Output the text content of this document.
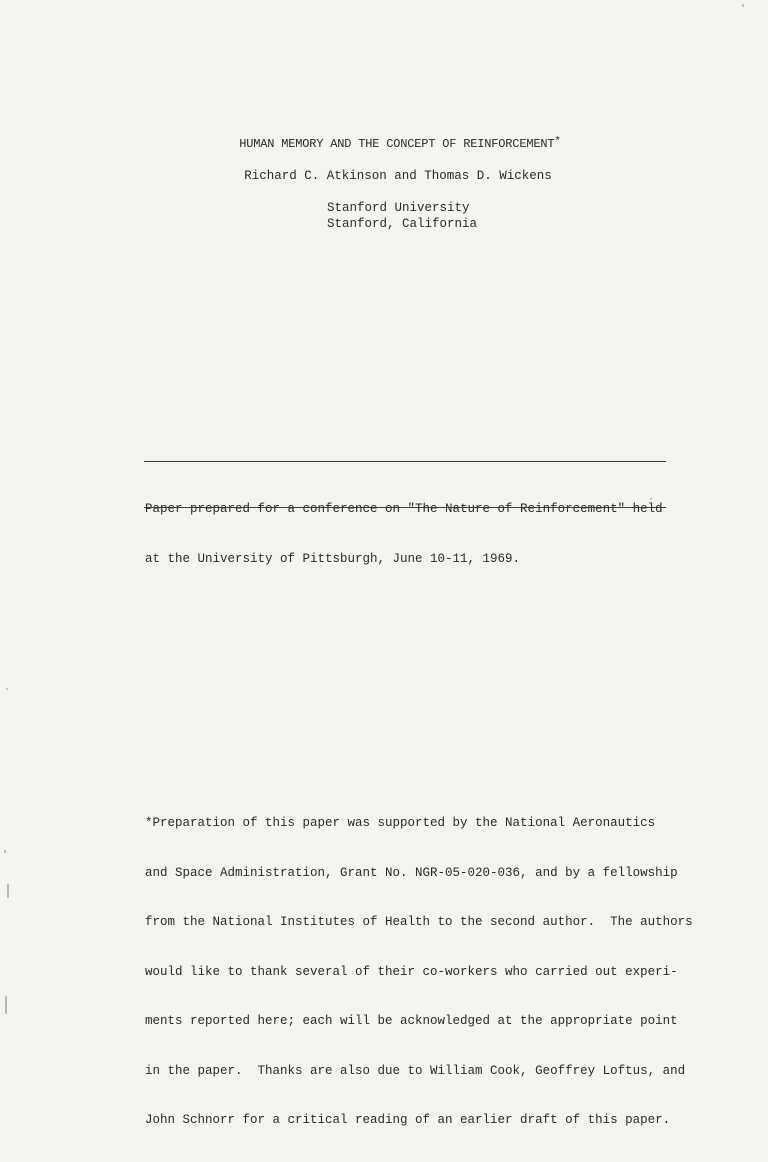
HUMAN MEMORY AND THE CONCEPT OF REINFORCEMENT*
Richard C. Atkinson and Thomas D. Wickens
Stanford University
Stanford, California

Paper prepared for a conference on "The Nature of Reinforcement" held

at the University of Pittsburgh, June 10-11, 1969.

*Preparation of this paper was supported by the National Aeronautics

and Space Administration, Grant No. NGR-05-020-036, and by a fellowship

from the National Institutes of Health to the second author.  The authors

would like to thank several of their co-workers who carried out experi-

ments reported here; each will be acknowledged at the appropriate point

in the paper.  Thanks are also due to William Cook, Geoffrey Loftus, and

John Schnorr for a critical reading of an earlier draft of this paper.
